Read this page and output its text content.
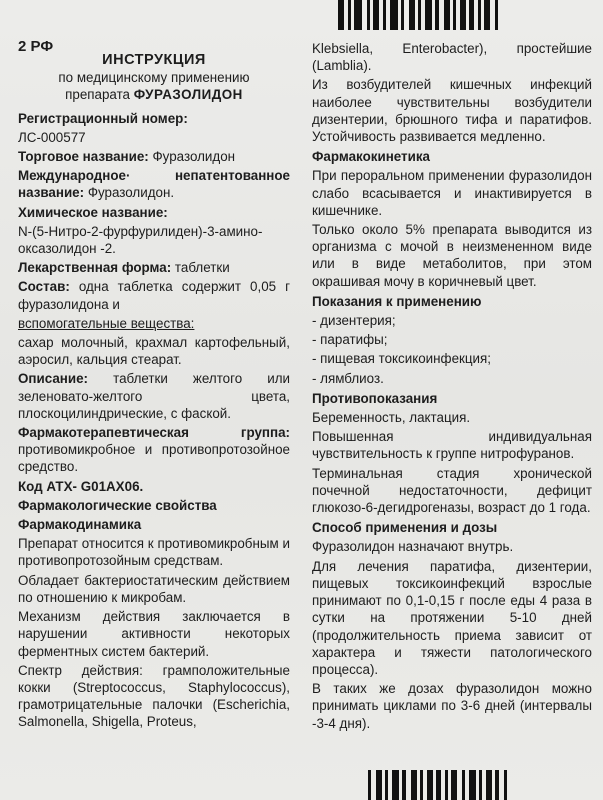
2 РФ
ИНСТРУКЦИЯ
по медицинскому применению
препарата ФУРАЗОЛИДОН

Регистрационный номер:

ЛС-000577

Торговое название: Фуразолидон

Международное· непатентованное название: Фуразолидон.

Химическое название:

N-(5-Нитро-2-фурфурилиден)-3-амино-оксазолидон -2.

Лекарственная форма: таблетки

Состав: одна таблетка содержит 0,05 г фуразолидона и

вспомогательные вещества:

сахар молочный, крахмал картофельный, аэросил, кальция стеарат.

Описание: таблетки желтого или зеленовато-желтого цвета, плоскоцилиндрические, с фаской.

Фармакотерапевтическая группа: противомикробное и противопротозойное средство.

Код АТХ- G01AX06.

Фармакологические свойства

Фармакодинамика

Препарат относится к противомикробным и противопротозойным средствам.

Обладает бактериостатическим действием по отношению к микробам.

Механизм действия заключается в нарушении активности некоторых ферментных систем бактерий.

Спектр действия: грамположительные кокки (Streptococcus, Staphylococcus), грамотрицательные палочки (Escherichia, Salmonella, Shigella, Proteus,

Klebsiella, Enterobacter), простейшие (Lamblia).

Из возбудителей кишечных инфекций наиболее чувствительны возбудители дизентерии, брюшного тифа и паратифов. Устойчивость развивается медленно.

Фармакокинетика

При пероральном применении фуразолидон слабо всасывается и инактивируется в кишечнике.

Только около 5% препарата выводится из организма с мочой в неизмененном виде или в виде метаболитов, при этом окрашивая мочу в коричневый цвет.

Показания к применению

- дизентерия;

- паратифы;

- пищевая токсикоинфекция;

- лямблиоз.

Противопоказания

Беременность, лактация.

Повышенная индивидуальная чувствительность к группе нитрофуранов.

Терминальная стадия хронической почечной недостаточности, дефицит глюкозо-6-дегидрогеназы, возраст до 1 года.

Способ применения и дозы

Фуразолидон назначают внутрь.

Для лечения паратифа, дизентерии, пищевых токсикоинфекций взрослые принимают по 0,1-0,15 г после еды 4 раза в сутки на протяжении 5-10 дней (продолжительность приема зависит от характера и тяжести патологического процесса).

В таких же дозах фуразолидон можно принимать циклами по 3-6 дней (интервалы -3-4 дня).
